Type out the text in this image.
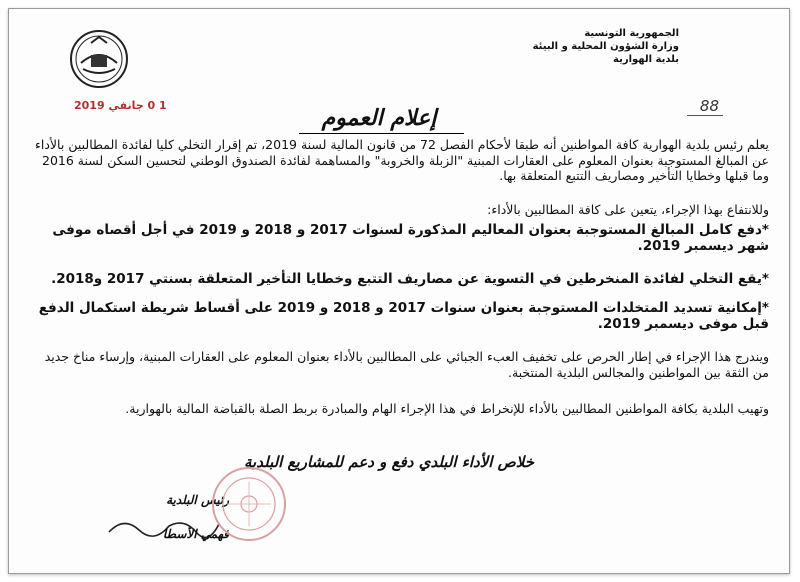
الجمهورية التونسية
وزارة الشؤون المحلية و البيئة
بلدية الهوارية
88
1 0 جانفي 2019	إعلام العموم
يعلم رئيس بلدية الهوارية كافة المواطنين أنه طبقا لأحكام الفصل 72 من قانون المالية لسنة 2019، تم إقرار التخلي كليا لفائدة المطالبين بالأداء عن المبالغ المستوجبة بعنوان المعلوم على العقارات المبنية "الزبلة والخروبة" والمساهمة لفائدة الصندوق الوطني لتحسين السكن لسنة 2016 وما قبلها وخطايا التأخير ومصاريف التتبع المتعلقة بها.
وللانتفاع بهذا الإجراء، يتعين على كافة المطالبين بالأداء:
*دفع كامل المبالغ المستوجبة بعنوان المعاليم المذكورة لسنوات 2017 و 2018 و 2019 في أجل أقصاه موفى شهر ديسمبر 2019.
*يقع التخلي لفائدة المنخرطين في التسوية عن مصاريف التتبع وخطايا التأخير المتعلقة بسنتي 2017 و2018.
*إمكانية تسديد المتخلدات المستوجبة بعنوان سنوات 2017 و 2018 و 2019 على أقساط شريطة استكمال الدفع قبل موفى ديسمبر 2019.
ويندرج هذا الإجراء في إطار الحرص على تخفيف العبء الجبائي على المطالبين بالأداء بعنوان المعلوم على العقارات المبنية، وإرساء مناخ جديد من الثقة بين المواطنين والمجالس البلدية المنتخبة.
وتهيب البلدية بكافة المواطنين المطالبين بالأداء للإنخراط في هذا الإجراء الهام والمبادرة بربط الصلة بالقباضة المالية بالهوارية.
خلاص الأداء البلدي دفع و دعم للمشاريع البلدية
رئيس البلدية
فهمي الأسطا
